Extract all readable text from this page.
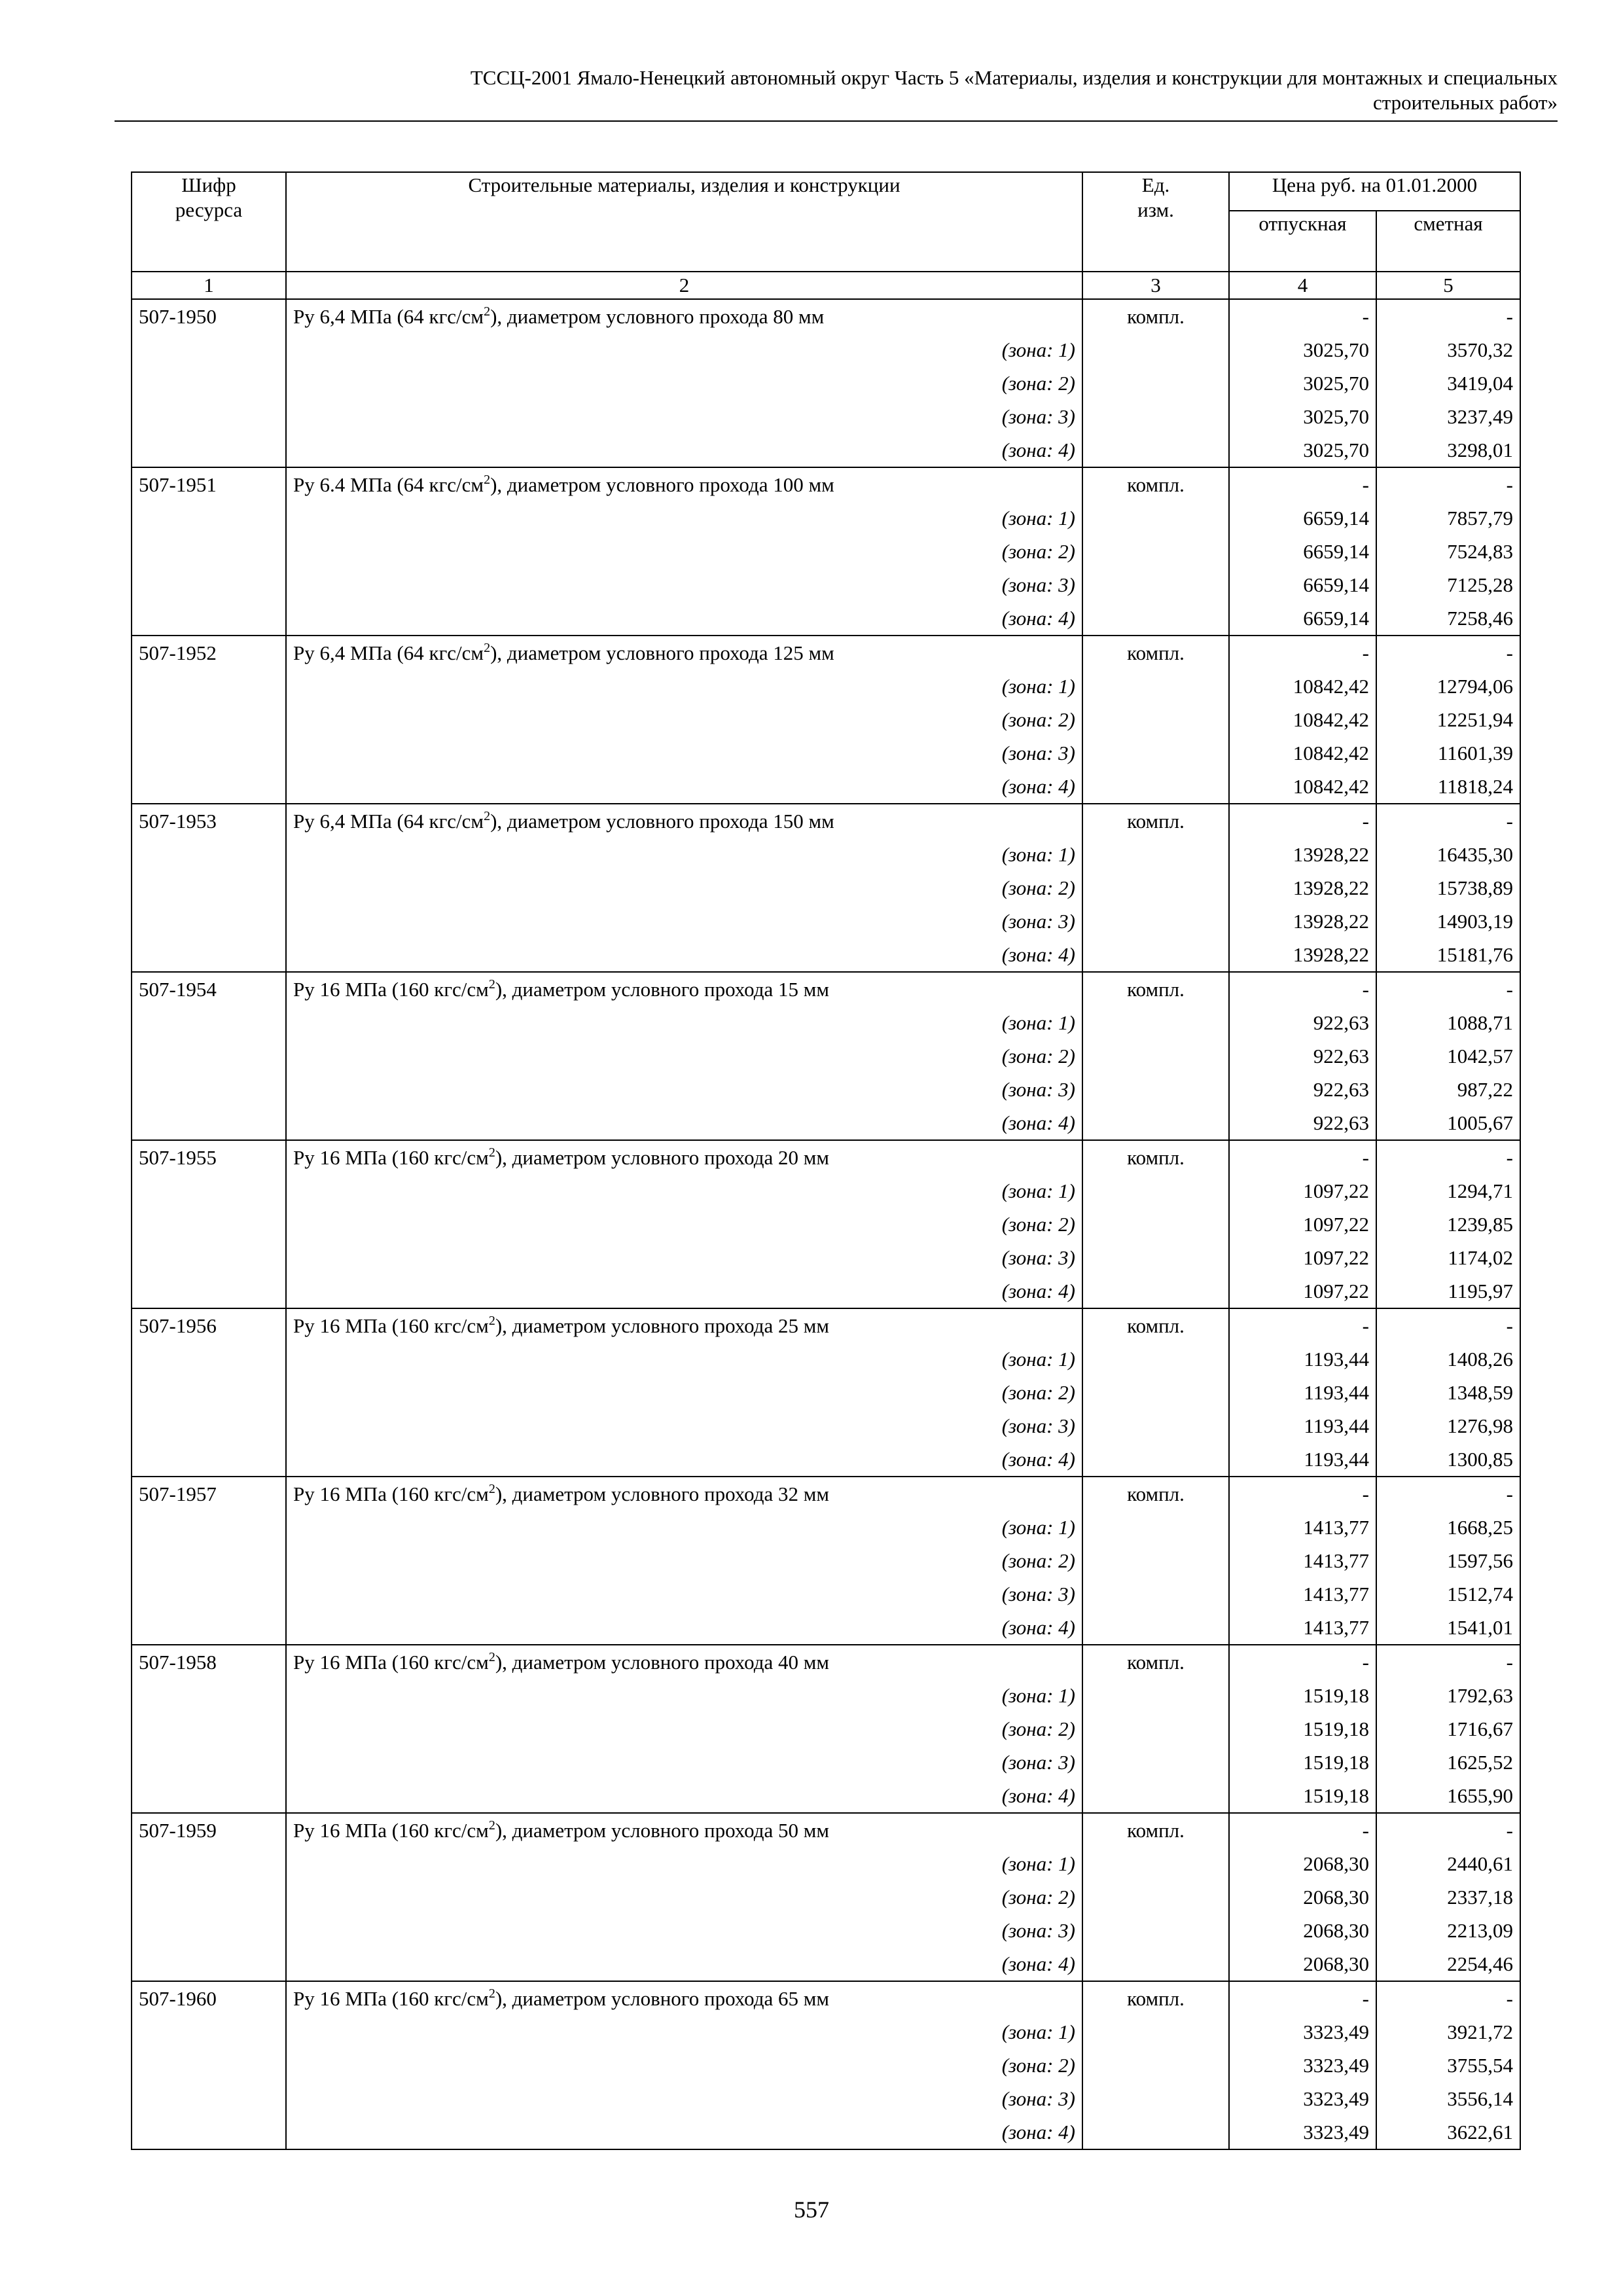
ТССЦ-2001 Ямало-Ненецкий автономный округ Часть 5 «Материалы, изделия и конструкции для монтажных и специальных
строительных работ»
Шифр ресурса	Строительные материалы, изделия и конструкции	Ед. изм.	Цена руб. на 01.01.2000	
			отпускная	сметная
1	2	3	4	5
507-1950	Ру 6,4 МПа (64 кгс/$см^2$), диаметром условного прохода 80 мм	компл.	-	-
	(зона: 1)		3025,70	3570,32
	(зона: 2)		3025,70	3419,04
	(зона: 3)		3025,70	3237,49
	(зона: 4)		3025,70	3298,01
507-1951	Ру 6.4 МПа (64 кгс/$см^2$), диаметром условного прохода 100 мм	компл.	-	-
	(зона: 1)		6659,14	7857,79
	(зона: 2)		6659,14	7524,83
	(зона: 3)		6659,14	7125,28
	(зона: 4)		6659,14	7258,46
507-1952	Ру 6,4 МПа (64 кгс/$см^2$), диаметром условного прохода 125 мм	компл.	-	-
	(зона: 1)		10842,42	12794,06
	(зона: 2)		10842,42	12251,94
	(зона: 3)		10842,42	11601,39
	(зона: 4)		10842,42	11818,24
507-1953	Ру 6,4 МПа (64 кгс/$см^2$), диаметром условного прохода 150 мм	компл.	-	-
	(зона: 1)		13928,22	16435,30
	(зона: 2)		13928,22	15738,89
	(зона: 3)		13928,22	14903,19
	(зона: 4)		13928,22	15181,76
507-1954	Ру 16 МПа (160 кгс/$см^2$), диаметром условного прохода 15 мм	компл.	-	-
	(зона: 1)		922,63	1088,71
	(зона: 2)		922,63	1042,57
	(зона: 3)		922,63	987,22
	(зона: 4)		922,63	1005,67
507-1955	Ру 16 МПа (160 кгс/$см^2$), диаметром условного прохода 20 мм	компл.	-	-
	(зона: 1)		1097,22	1294,71
	(зона: 2)		1097,22	1239,85
	(зона: 3)		1097,22	1174,02
	(зона: 4)		1097,22	1195,97
507-1956	Ру 16 МПа (160 кгс/$см^2$), диаметром условного прохода 25 мм	компл.	-	-
	(зона: 1)		1193,44	1408,26
	(зона: 2)		1193,44	1348,59
	(зона: 3)		1193,44	1276,98
	(зона: 4)		1193,44	1300,85
507-1957	Ру 16 МПа (160 кгс/$см^2$), диаметром условного прохода 32 мм	компл.	-	-
	(зона: 1)		1413,77	1668,25
	(зона: 2)		1413,77	1597,56
	(зона: 3)		1413,77	1512,74
	(зона: 4)		1413,77	1541,01
507-1958	Ру 16 МПа (160 кгс/$см^2$), диаметром условного прохода 40 мм	компл.	-	-
	(зона: 1)		1519,18	1792,63
	(зона: 2)		1519,18	1716,67
	(зона: 3)		1519,18	1625,52
	(зона: 4)		1519,18	1655,90
507-1959	Ру 16 МПа (160 кгс/$см^2$), диаметром условного прохода 50 мм	компл.	-	-
	(зона: 1)		2068,30	2440,61
	(зона: 2)		2068,30	2337,18
	(зона: 3)		2068,30	2213,09
	(зона: 4)		2068,30	2254,46
507-1960	Ру 16 МПа (160 кгс/$см^2$), диаметром условного прохода 65 мм	компл.	-	-
	(зона: 1)		3323,49	3921,72
	(зона: 2)		3323,49	3755,54
	(зона: 3)		3323,49	3556,14
	(зона: 4)		3323,49	3622,61
557
